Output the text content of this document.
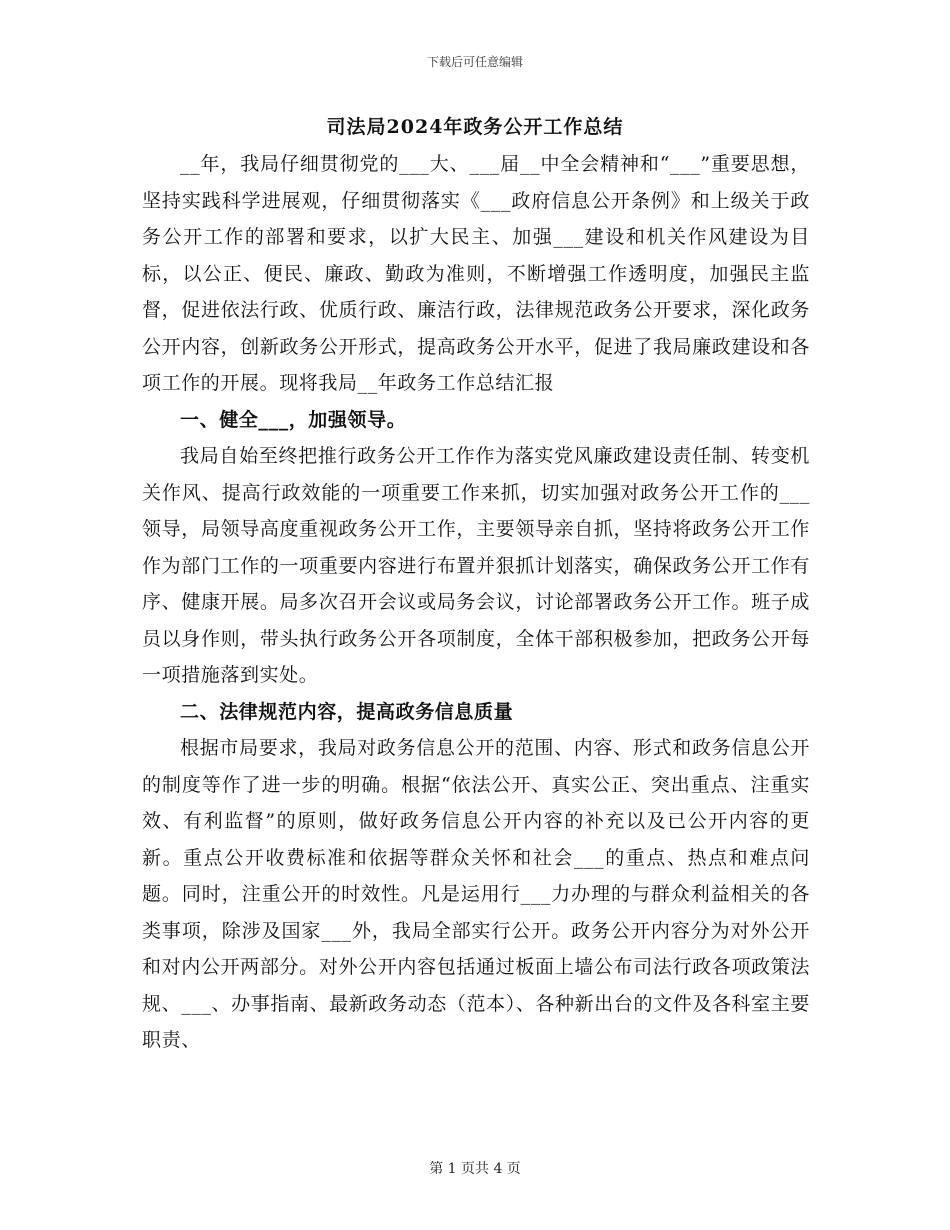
下载后可任意编辑
司法局2024年政务公开工作总结

__年，我局仔细贯彻党的___大、___届__中全会精神和“___”重要思想，坚持实践科学进展观，仔细贯彻落实《___政府信息公开条例》和上级关于政务公开工作的部署和要求，以扩大民主、加强___建设和机关作风建设为目标，以公正、便民、廉政、勤政为准则，不断增强工作透明度，加强民主监督，促进依法行政、优质行政、廉洁行政，法律规范政务公开要求，深化政务公开内容，创新政务公开形式，提高政务公开水平，促进了我局廉政建设和各项工作的开展。现将我局__年政务工作总结汇报

一、健全___，加强领导。

我局自始至终把推行政务公开工作作为落实党风廉政建设责任制、转变机关作风、提高行政效能的一项重要工作来抓，切实加强对政务公开工作的___领导，局领导高度重视政务公开工作，主要领导亲自抓，坚持将政务公开工作作为部门工作的一项重要内容进行布置并狠抓计划落实，确保政务公开工作有序、健康开展。局多次召开会议或局务会议，讨论部署政务公开工作。班子成员以身作则，带头执行政务公开各项制度，全体干部积极参加，把政务公开每一项措施落到实处。

二、法律规范内容，提高政务信息质量

根据市局要求，我局对政务信息公开的范围、内容、形式和政务信息公开的制度等作了进一步的明确。根据“依法公开、真实公正、突出重点、注重实效、有利监督”的原则，做好政务信息公开内容的补充以及已公开内容的更新。重点公开收费标准和依据等群众关怀和社会___的重点、热点和难点问题。同时，注重公开的时效性。凡是运用行___力办理的与群众利益相关的各类事项，除涉及国家___外，我局全部实行公开。政务公开内容分为对外公开和对内公开两部分。对外公开内容包括通过板面上墙公布司法行政各项政策法规、___、办事指南、最新政务动态（范本）、各种新出台的文件及各科室主要职责、

第 1 页共 4 页
